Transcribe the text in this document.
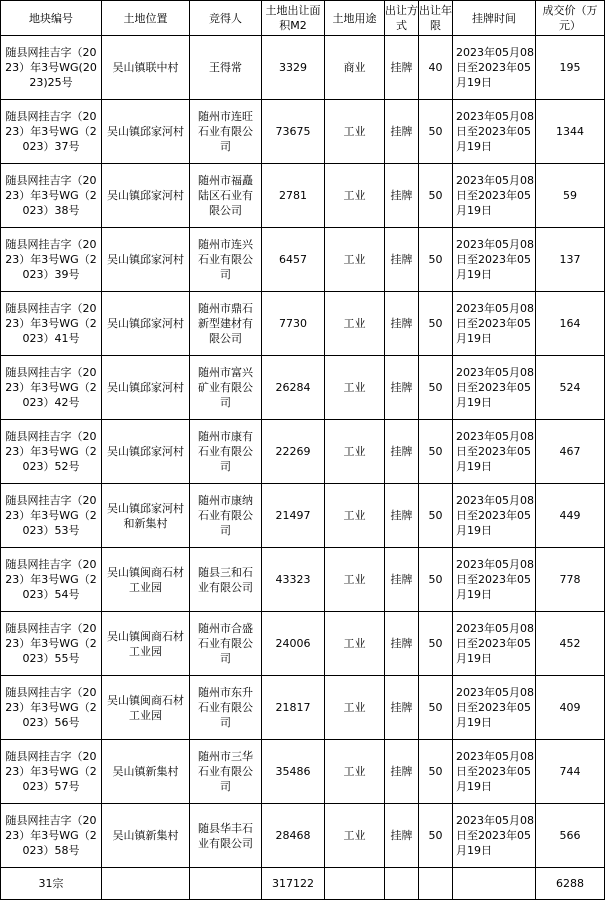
地块编号	土地位置	竞得人	土地出让面积M2	土地用途	出让方式	出让年限	挂牌时间	成交价（万元）
随县网挂吉字（2023）年3号WG(2023)25号	吴山镇联中村	王得常	3329	商业	挂牌	40	2023年05月08日至2023年05月19日	195
随县网挂吉字（2023）年3号WG（2023）37号	吴山镇邱家河村	随州市连旺石业有限公司	73675	工业	挂牌	50	2023年05月08日至2023年05月19日	1344
随县网挂吉字（2023）年3号WG（2023）38号	吴山镇邱家河村	随州市福矗陆区石业有限公司	2781	工业	挂牌	50	2023年05月08日至2023年05月19日	59
随县网挂吉字（2023）年3号WG（2023）39号	吴山镇邱家河村	随州市连兴石业有限公司	6457	工业	挂牌	50	2023年05月08日至2023年05月19日	137
随县网挂吉字（2023）年3号WG（2023）41号	吴山镇邱家河村	随州市鼎石新型建材有限公司	7730	工业	挂牌	50	2023年05月08日至2023年05月19日	164
随县网挂吉字（2023）年3号WG（2023）42号	吴山镇邱家河村	随州市富兴矿业有限公司	26284	工业	挂牌	50	2023年05月08日至2023年05月19日	524
随县网挂吉字（2023）年3号WG（2023）52号	吴山镇邱家河村	随州市康有石业有限公司	22269	工业	挂牌	50	2023年05月08日至2023年05月19日	467
随县网挂吉字（2023）年3号WG（2023）53号	吴山镇邱家河村和新集村	随州市康纳石业有限公司	21497	工业	挂牌	50	2023年05月08日至2023年05月19日	449
随县网挂吉字（2023）年3号WG（2023）54号	吴山镇闽商石材工业园	随县三和石业有限公司	43323	工业	挂牌	50	2023年05月08日至2023年05月19日	778
随县网挂吉字（2023）年3号WG（2023）55号	吴山镇闽商石材工业园	随州市合盛石业有限公司	24006	工业	挂牌	50	2023年05月08日至2023年05月19日	452
随县网挂吉字（2023）年3号WG（2023）56号	吴山镇闽商石材工业园	随州市东升石业有限公司	21817	工业	挂牌	50	2023年05月08日至2023年05月19日	409
随县网挂吉字（2023）年3号WG（2023）57号	吴山镇新集村	随州市三华石业有限公司	35486	工业	挂牌	50	2023年05月08日至2023年05月19日	744
随县网挂吉字（2023）年3号WG（2023）58号	吴山镇新集村	随县华丰石业有限公司	28468	工业	挂牌	50	2023年05月08日至2023年05月19日	566
31宗			317122					6288
